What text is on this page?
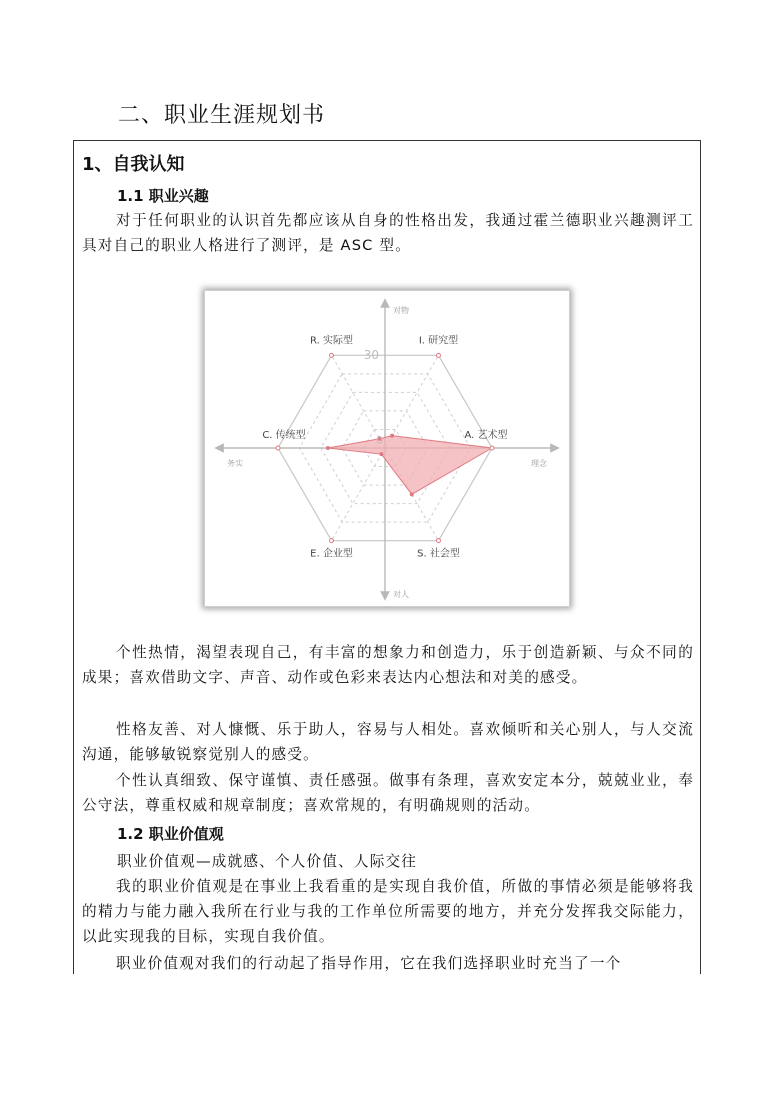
二、职业生涯规划书
1、自我认知
1.1 职业兴趣
对于任何职业的认识首先都应该从自身的性格出发，我通过霍兰德职业兴趣测评工具对自己的职业人格进行了测评，是 ASC 型。
R. 实际型	I. 研究型
A. 艺术型
S. 社会型
E. 企业型
C. 传统型
30
0
对物
对人
务实	理念
个性热情，渴望表现自己，有丰富的想象力和创造力，乐于创造新颖、与众不同的成果；喜欢借助文字、声音、动作或色彩来表达内心想法和对美的感受。
性格友善、对人慷慨、乐于助人，容易与人相处。喜欢倾听和关心别人，与人交流沟通，能够敏锐察觉别人的感受。
个性认真细致、保守谨慎、责任感强。做事有条理，喜欢安定本分，兢兢业业，奉公守法，尊重权威和规章制度；喜欢常规的，有明确规则的活动。
1.2 职业价值观
职业价值观—成就感、个人价值、人际交往
我的职业价值观是在事业上我看重的是实现自我价值，所做的事情必须是能够将我的精力与能力融入我所在行业与我的工作单位所需要的地方，并充分发挥我交际能力，以此实现我的目标，实现自我价值。
职业价值观对我们的行动起了指导作用，它在我们选择职业时充当了一个
